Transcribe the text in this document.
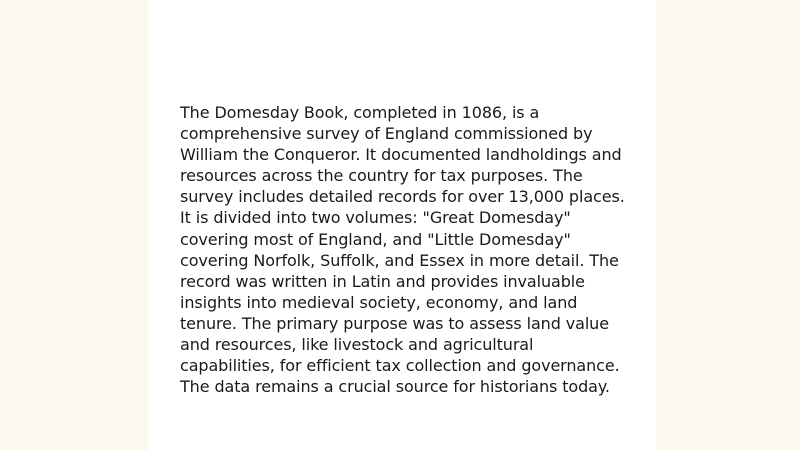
The Domesday Book, completed in 1086, is a comprehensive survey of England commissioned by William the Conqueror. It documented landholdings and resources across the country for tax purposes. The survey includes detailed records for over 13,000 places. It is divided into two volumes: "Great Domesday" covering most of England, and "Little Domesday" covering Norfolk, Suffolk, and Essex in more detail. The record was written in Latin and provides invaluable insights into medieval society, economy, and land tenure. The primary purpose was to assess land value and resources, like livestock and agricultural capabilities, for efficient tax collection and governance. The data remains a crucial source for historians today.
